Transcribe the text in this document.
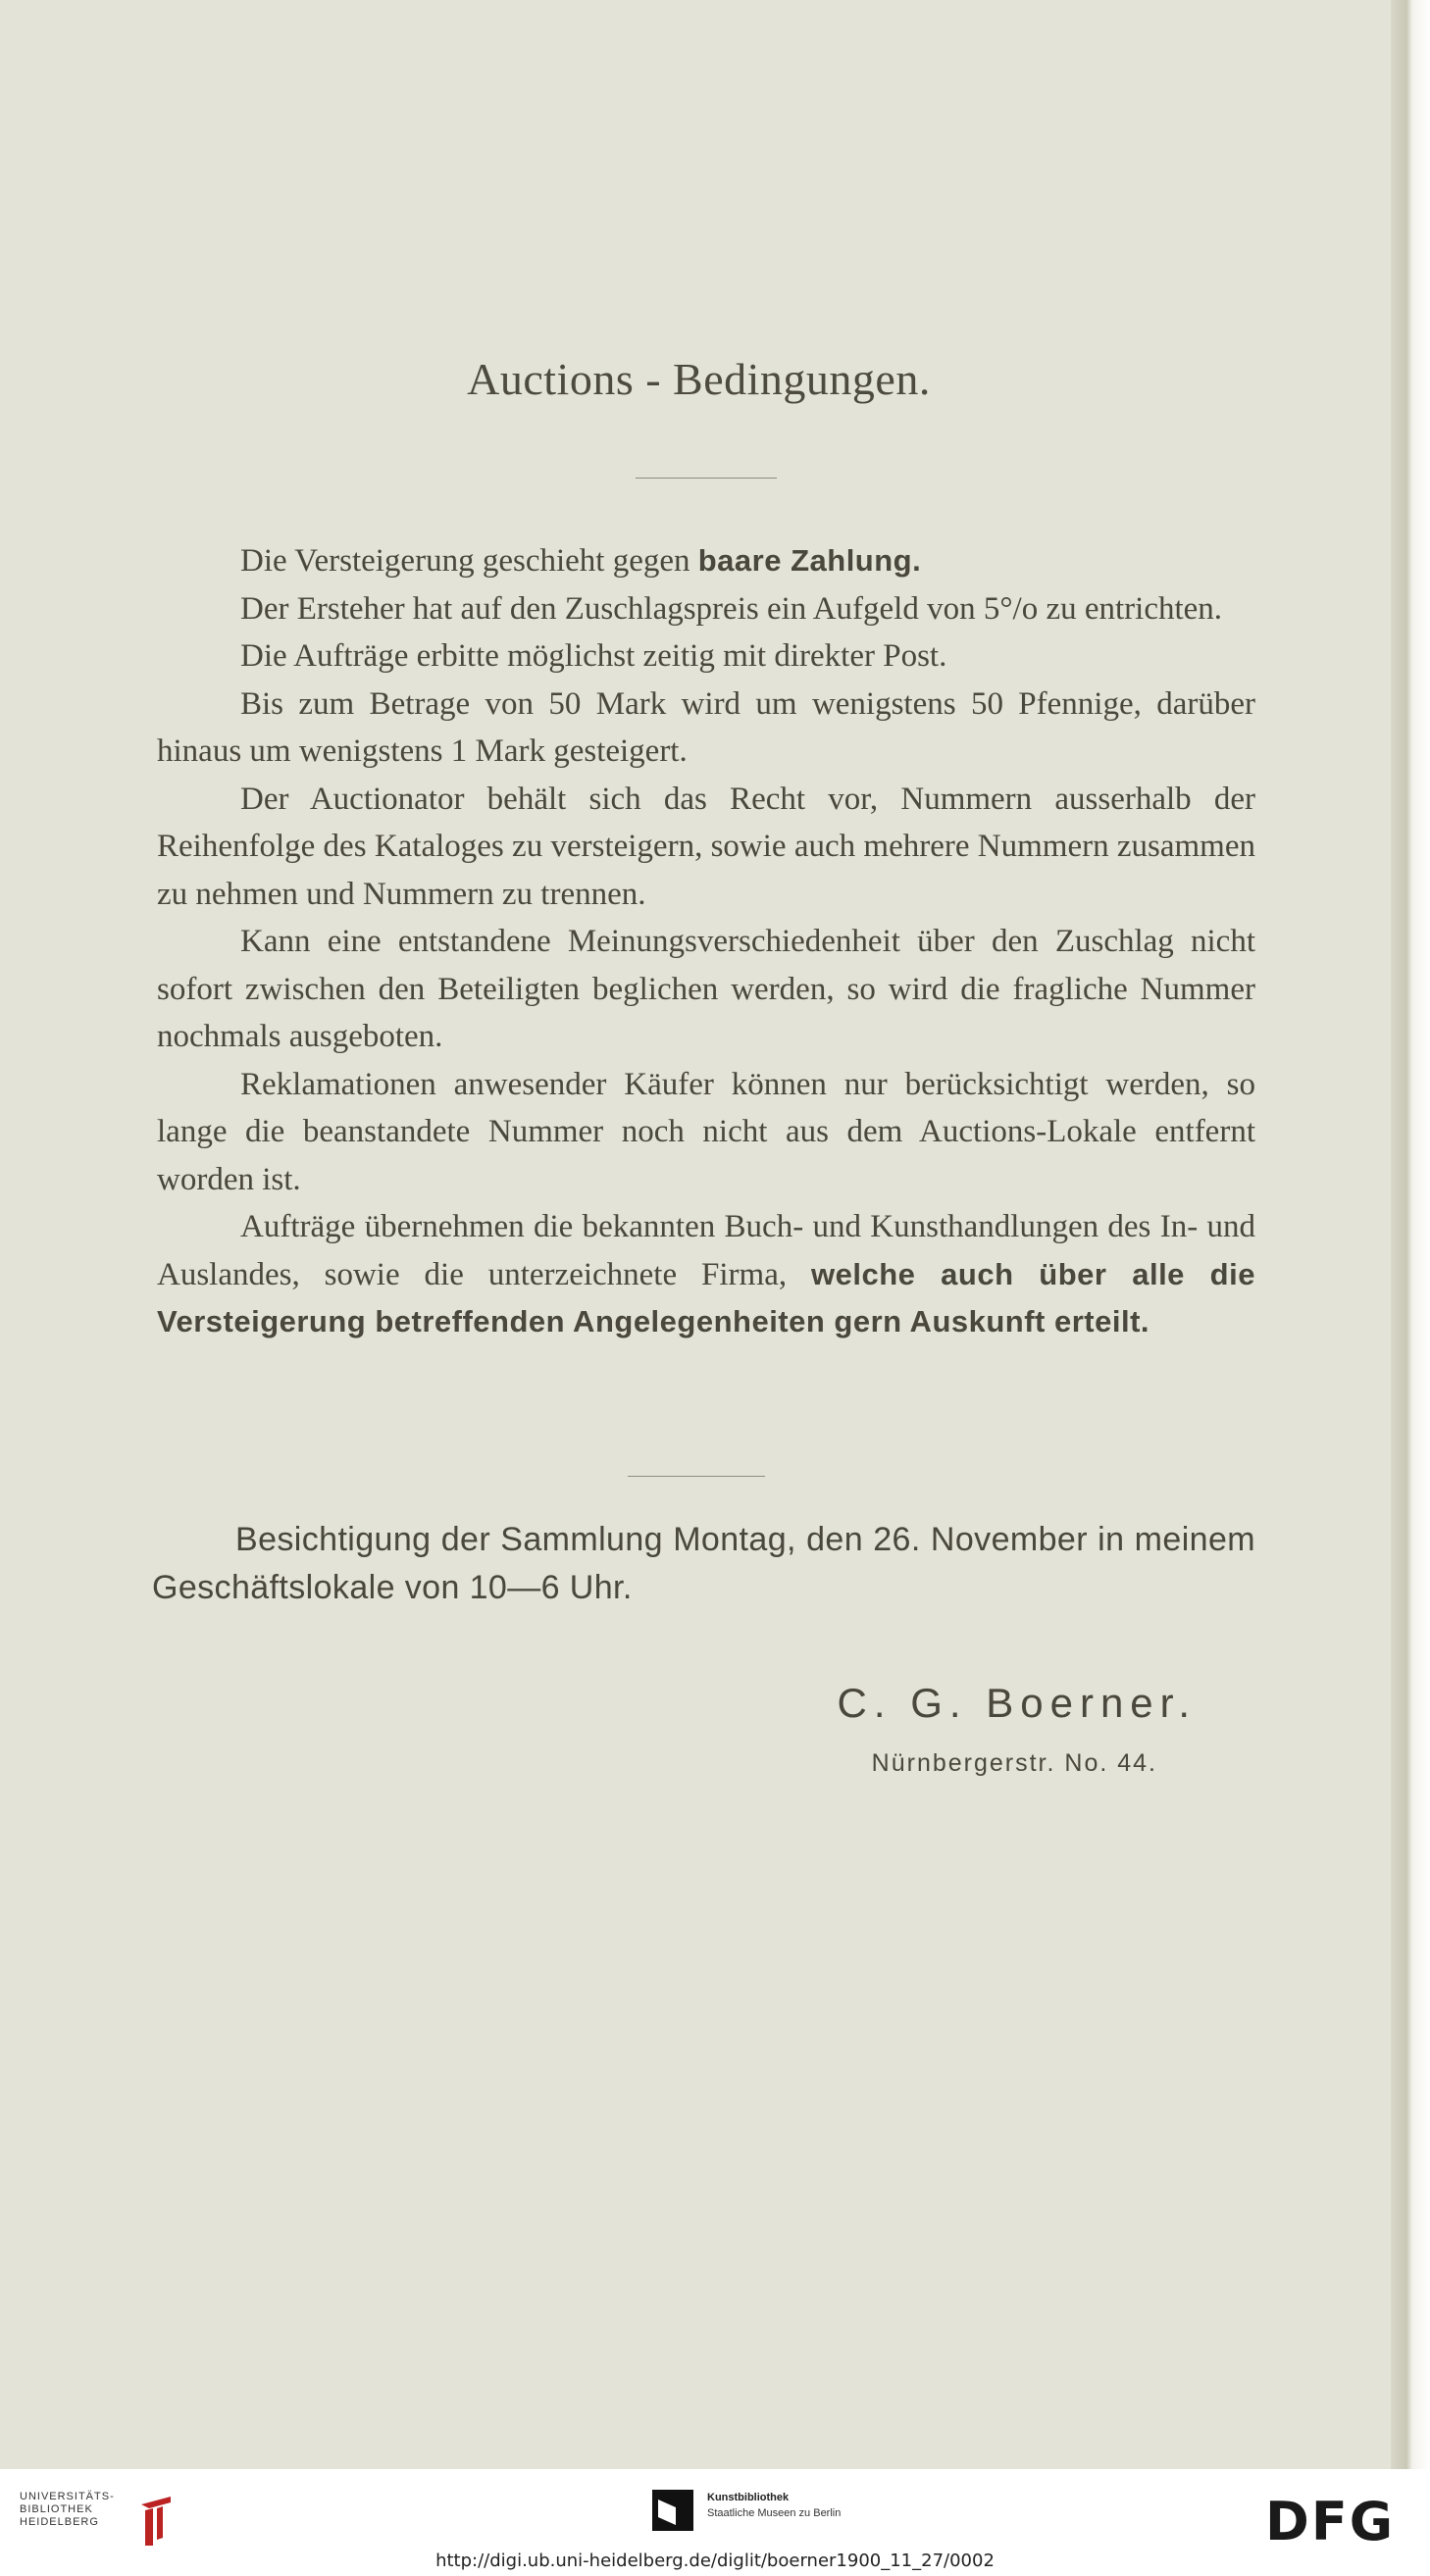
Auctions - Bedingungen.

Die Versteigerung geschieht gegen baare Zahlung.

Der Ersteher hat auf den Zuschlagspreis ein Aufgeld von 5°/o zu entrichten.

Die Aufträge erbitte möglichst zeitig mit direkter Post.

Bis zum Betrage von 50 Mark wird um wenigstens 50 Pfennige, darüber hinaus um wenigstens 1 Mark gesteigert.

Der Auctionator behält sich das Recht vor, Nummern ausserhalb der Reihenfolge des Kataloges zu versteigern, sowie auch mehrere Nummern zusammen zu nehmen und Nummern zu trennen.

Kann eine entstandene Meinungsverschiedenheit über den Zuschlag nicht sofort zwischen den Beteiligten beglichen werden, so wird die fragliche Nummer nochmals ausgeboten.

Reklamationen anwesender Käufer können nur berücksichtigt werden, so lange die beanstandete Nummer noch nicht aus dem Auctions-Lokale entfernt worden ist.

Aufträge übernehmen die bekannten Buch- und Kunsthandlungen des In- und Auslandes, sowie die unterzeichnete Firma, welche auch über alle die Versteigerung betreffenden Angelegenheiten gern Auskunft erteilt.

Besichtigung der Sammlung Montag, den 26. November in meinem Geschäftslokale von 10—6 Uhr.
C. G. Boerner.
Nürnbergerstr. No. 44.
UNIVERSITÄTS-
BIBLIOTHEK
HEIDELBERG
Kunstbibliothek
Staatliche Museen zu Berlin	DFG
http://digi.ub.uni-heidelberg.de/diglit/boerner1900_11_27/0002
